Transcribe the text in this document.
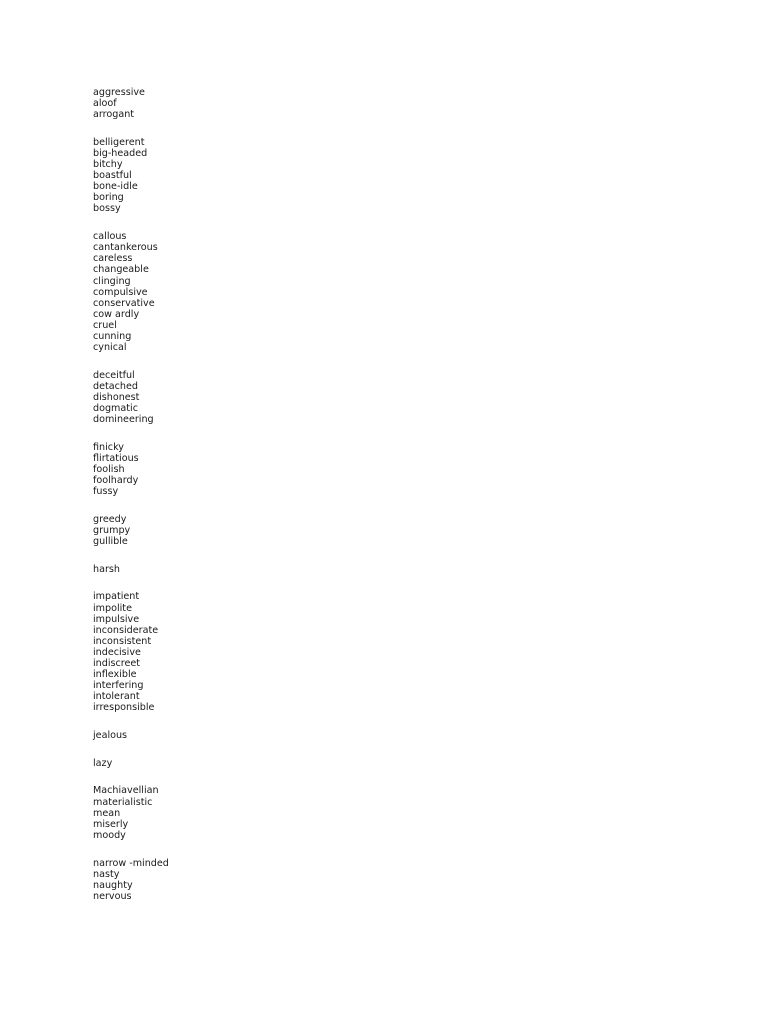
aggressive
aloof
arrogant
belligerent
big-headed
bitchy
boastful
bone-idle
boring
bossy
callous
cantankerous
careless
changeable
clinging
compulsive
conservative
cow ardly
cruel
cunning
cynical
deceitful
detached
dishonest
dogmatic
domineering
finicky
flirtatious
foolish
foolhardy
fussy
greedy
grumpy
gullible
harsh
impatient
impolite
impulsive
inconsiderate
inconsistent
indecisive
indiscreet
inflexible
interfering
intolerant
irresponsible
jealous
lazy
Machiavellian
materialistic
mean
miserly
moody
narrow -minded
nasty
naughty
nervous
